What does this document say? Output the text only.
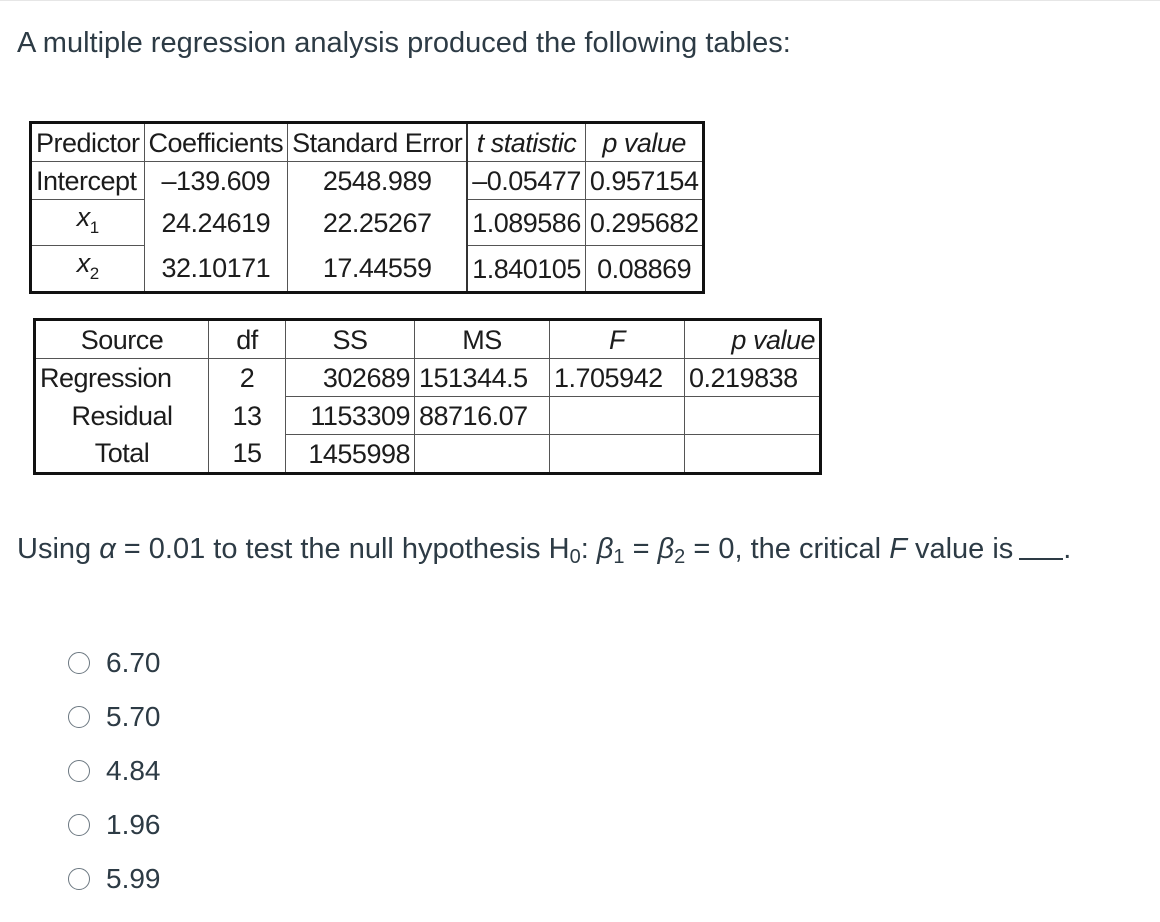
A multiple regression analysis produced the following tables:
Predictor	Coefficients	Standard Error	t statistic	p value
Intercept	–139.609	2548.989	–0.05477	0.957154
$x_1$	24.24619	22.25267	1.089586	0.295682
$x_2$	32.10171	17.44559	1.840105	0.08869
Source	df	SS	MS	F	p value
Regression	2	302689	151344.5	1.705942	0.219838
Residual	13	1153309	88716.07		
Total	15	1455998			
Using α = 0.01 to test the null hypothesis H0: β1 = β2 = 0, the critical F value is .
6.70
5.70
4.84
1.96
5.99
